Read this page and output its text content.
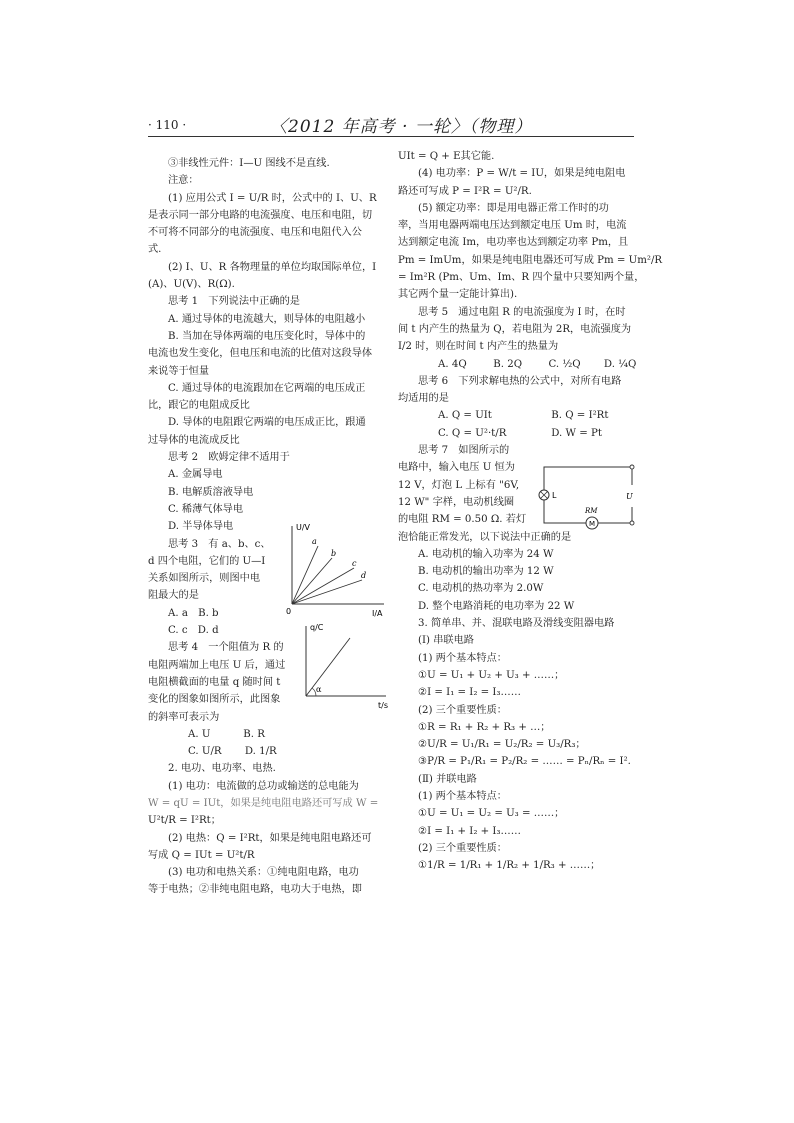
· 110 ·	〈2012 年高考 · 一轮〉（物理）

③非线性元件：I—U 图线不是直线.

注意：

(1) 应用公式 I = U/R 时，公式中的 I、U、R

是表示同一部分电路的电流强度、电压和电阻，切

不可将不同部分的电流强度、电压和电阻代入公

式.

(2) I、U、R 各物理量的单位均取国际单位，I

(A)、U(V)、R(Ω).

思考 1　下列说法中正确的是

A. 通过导体的电流越大，则导体的电阻越小

B. 当加在导体两端的电压变化时，导体中的

电流也发生变化，但电压和电流的比值对这段导体

来说等于恒量

C. 通过导体的电流跟加在它两端的电压成正

比，跟它的电阻成反比

D. 导体的电阻跟它两端的电压成正比，跟通

过导体的电流成反比

思考 2　欧姆定律不适用于

A. 金属导电

B. 电解质溶液导电

C. 稀薄气体导电

D. 半导体导电

思考 3　有 a、b、c、

d 四个电阻，它们的 U—I

关系如图所示，则图中电

阻最大的是

A. a　B. b

C. c　D. d

思考 4　一个阻值为 R 的

电阻两端加上电压 U 后，通过

电阻横截面的电量 q 随时间 t

变化的图象如图所示，此图象

的斜率可表示为

A. U	B. R

C. U/R D. 1/R

2. 电功、电功率、电热.

(1) 电功：电流做的总功或输送的总电能为

W = qU = IUt，如果是纯电阻电路还可写成 W =

U²t/R = I²Rt；

(2) 电热：Q = I²Rt，如果是纯电阻电路还可

写成 Q = IUt = U²t/R

(3) 电功和电热关系：①纯电阻电路，电功

等于电热；②非纯电阻电路，电功大于电热，即

UIt = Q + E其它能.

(4) 电功率：P = W/t = IU，如果是纯电阻电

路还可写成 P = I²R = U²/R.

(5) 额定功率：即是用电器正常工作时的功

率，当用电器两端电压达到额定电压 Um 时，电流

达到额定电流 Im，电功率也达到额定功率 Pm，且

Pm = ImUm，如果是纯电阻电器还可写成 Pm = Um²/R

= Im²R (Pm、Um、Im、R 四个量中只要知两个量，

其它两个量一定能计算出).

思考 5　通过电阻 R 的电流强度为 I 时，在时

间 t 内产生的热量为 Q，若电阻为 2R，电流强度为

I/2 时，则在时间 t 内产生的热量为

A. 4Q	B. 2Q	C. ½Q D. ¼Q

思考 6　下列求解电热的公式中，对所有电路

均适用的是

A. Q = UIt	B. Q = I²Rt

C. Q = U²·t/R	D. W = Pt

思考 7　如图所示的

电路中，输入电压 U 恒为

12 V，灯泡 L 上标有 "6V,

12 W" 字样，电动机线圈

的电阻 RM = 0.50 Ω. 若灯

泡恰能正常发光，以下说法中正确的是

A. 电动机的输入功率为 24 W

B. 电动机的输出功率为 12 W

C. 电动机的热功率为 2.0W

D. 整个电路消耗的电功率为 22 W

3. 简单串、并、混联电路及滑线变阻器电路

(Ⅰ) 串联电路

(1) 两个基本特点：

①U = U₁ + U₂ + U₃ + ……；

②I = I₁ = I₂ = I₃……

(2) 三个重要性质：

①R = R₁ + R₂ + R₃ + …；

②U/R = U₁/R₁ = U₂/R₂ = U₃/R₃；

③P/R = P₁/R₁ = P₂/R₂ = …… = Pₙ/Rₙ = I².

(Ⅱ) 并联电路

(1) 两个基本特点：

①U = U₁ = U₂ = U₃ = ……；

②I = I₁ + I₂ + I₃……

(2) 三个重要性质：

①1/R = 1/R₁ + 1/R₂ + 1/R₃ + ……；

U/V
I/A
0
a
b
c
d
q/C
t/s
α
L	U
RM
M
